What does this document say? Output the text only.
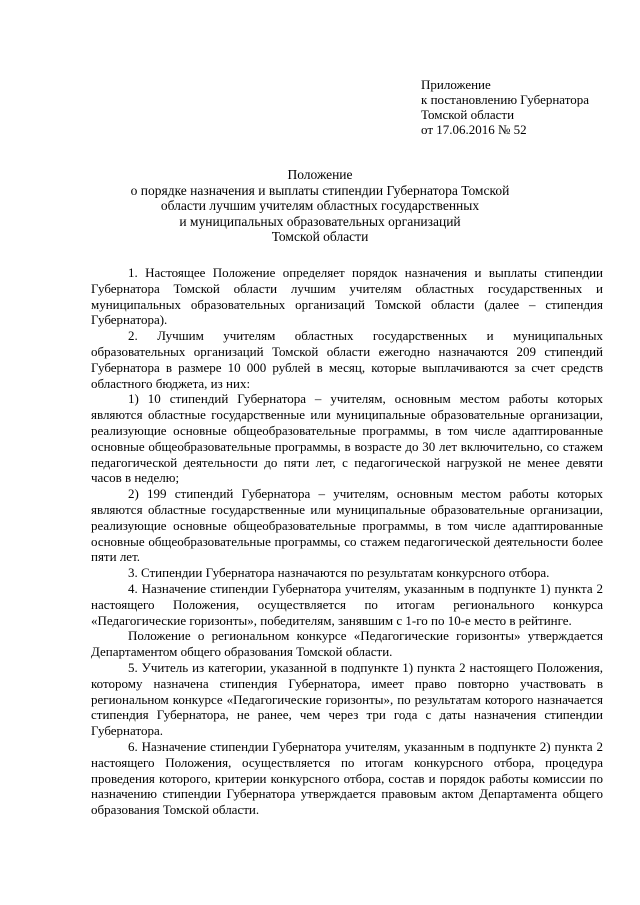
Приложение
к постановлению Губернатора
Томской области
от 17.06.2016 № 52
Положение
о порядке назначения и выплаты стипендии Губернатора Томской
области лучшим учителям областных государственных
и муниципальных образовательных организаций
Томской области

1. Настоящее Положение определяет порядок назначения и выплаты стипендии Губернатора Томской области лучшим учителям областных государственных и муниципальных образовательных организаций Томской области (далее – стипендия Губернатора).

2. Лучшим учителям областных государственных и муниципальных образовательных организаций Томской области ежегодно назначаются 209 стипендий Губернатора в размере 10 000 рублей в месяц, которые выплачиваются за счет средств областного бюджета, из них:

1) 10 стипендий Губернатора – учителям, основным местом работы которых являются областные государственные или муниципальные образовательные организации, реализующие основные общеобразовательные программы, в том числе адаптированные основные общеобразовательные программы, в возрасте до 30 лет включительно, со стажем педагогической деятельности до пяти лет, с педагогической нагрузкой не менее девяти часов в неделю;

2) 199 стипендий Губернатора – учителям, основным местом работы которых являются областные государственные или муниципальные образовательные организации, реализующие основные общеобразовательные программы, в том числе адаптированные основные общеобразовательные программы, со стажем педагогической деятельности более пяти лет.

3. Стипендии Губернатора назначаются по результатам конкурсного отбора.

4. Назначение стипендии Губернатора учителям, указанным в подпункте 1) пункта 2 настоящего Положения, осуществляется по итогам регионального конкурса «Педагогические горизонты», победителям, занявшим с 1-го по 10-е место в рейтинге.

Положение о региональном конкурсе «Педагогические горизонты» утверждается Департаментом общего образования Томской области.

5. Учитель из категории, указанной в подпункте 1) пункта 2 настоящего Положения, которому назначена стипендия Губернатора, имеет право повторно участвовать в региональном конкурсе «Педагогические горизонты», по результатам которого назначается стипендия Губернатора, не ранее, чем через три года с даты назначения стипендии Губернатора.

6. Назначение стипендии Губернатора учителям, указанным в подпункте 2) пункта 2 настоящего Положения, осуществляется по итогам конкурсного отбора, процедура проведения которого, критерии конкурсного отбора, состав и порядок работы комиссии по назначению стипендии Губернатора утверждается правовым актом Департамента общего образования Томской области.
